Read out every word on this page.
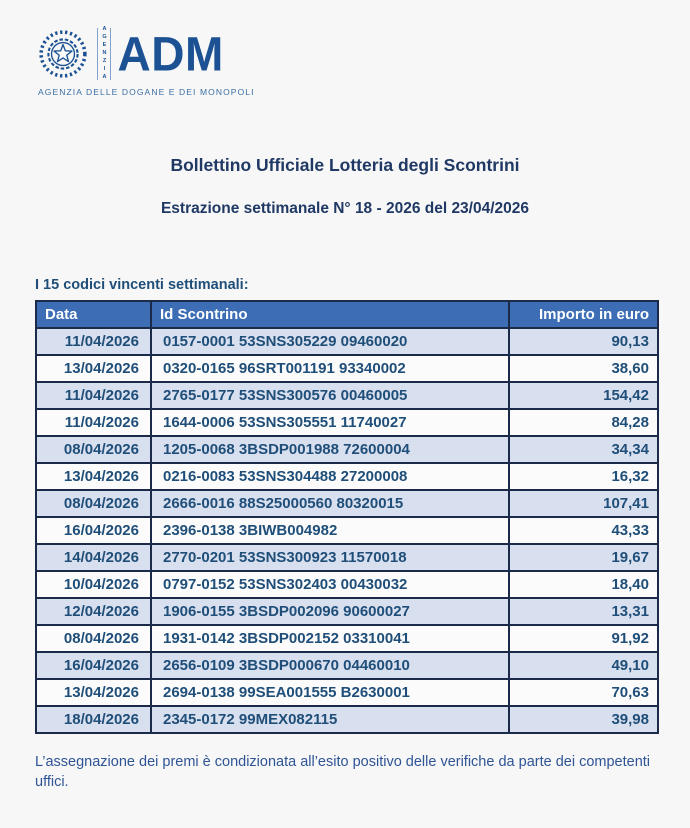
AGENZIA ADM
AGENZIA DELLE DOGANE E DEI MONOPOLI
Bollettino Ufficiale Lotteria degli Scontrini
Estrazione settimanale N° 18 - 2026 del 23/04/2026
I 15 codici vincenti settimanali:
Data	Id Scontrino	Importo in euro
11/04/2026	0157-0001 53SNS305229 09460020	90,13
13/04/2026	0320-0165 96SRT001191 93340002	38,60
11/04/2026	2765-0177 53SNS300576 00460005	154,42
11/04/2026	1644-0006 53SNS305551 11740027	84,28
08/04/2026	1205-0068 3BSDP001988 72600004	34,34
13/04/2026	0216-0083 53SNS304488 27200008	16,32
08/04/2026	2666-0016 88S25000560 80320015	107,41
16/04/2026	2396-0138 3BIWB004982	43,33
14/04/2026	2770-0201 53SNS300923 11570018	19,67
10/04/2026	0797-0152 53SNS302403 00430032	18,40
12/04/2026	1906-0155 3BSDP002096 90600027	13,31
08/04/2026	1931-0142 3BSDP002152 03310041	91,92
16/04/2026	2656-0109 3BSDP000670 04460010	49,10
13/04/2026	2694-0138 99SEA001555 B2630001	70,63
18/04/2026	2345-0172 99MEX082115	39,98
L’assegnazione dei premi è condizionata all’esito positivo delle verifiche da parte dei competenti uffici.
